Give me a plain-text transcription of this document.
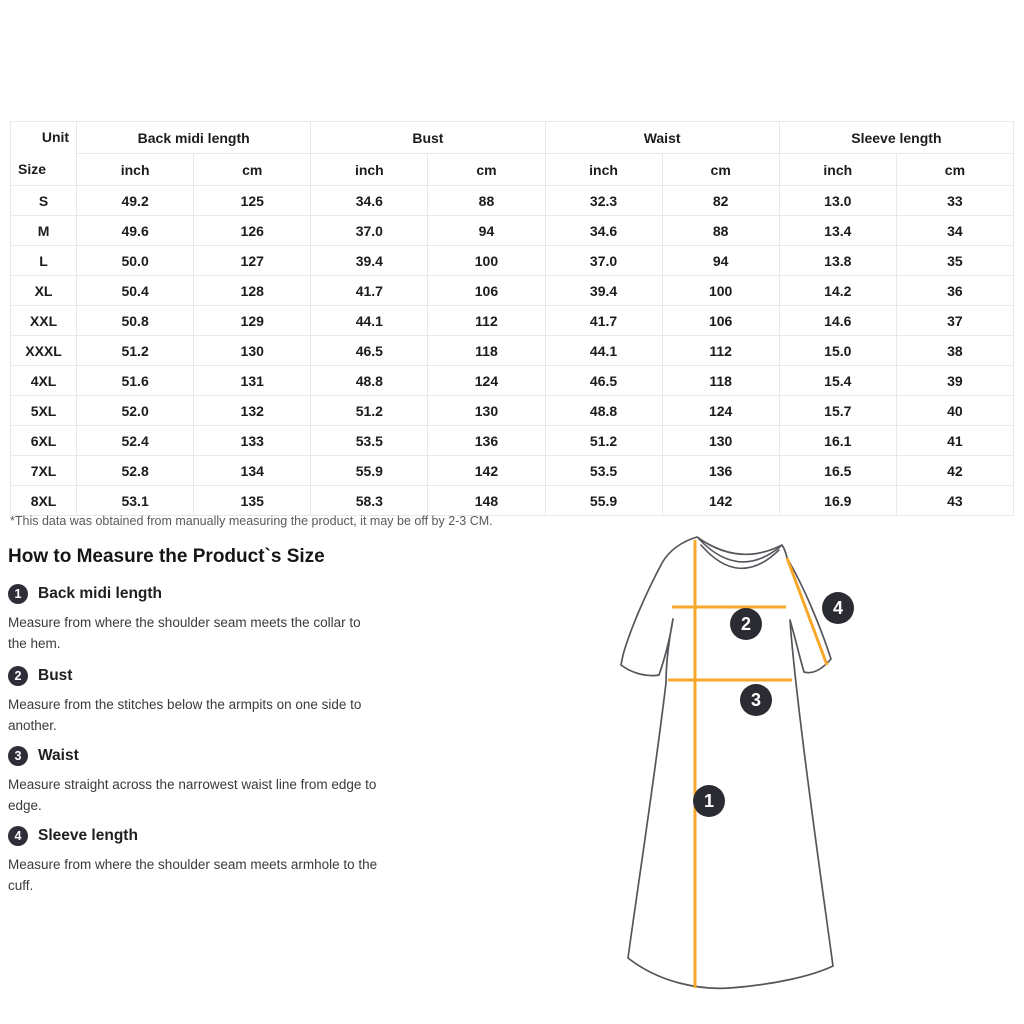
Unit
Size	Back midi length		Bust		Waist		Sleeve length	
	inch	cm	inch	cm	inch	cm	inch	cm
S	49.2	125	34.6	88	32.3	82	13.0	33
M	49.6	126	37.0	94	34.6	88	13.4	34
L	50.0	127	39.4	100	37.0	94	13.8	35
XL	50.4	128	41.7	106	39.4	100	14.2	36
XXL	50.8	129	44.1	112	41.7	106	14.6	37
XXXL	51.2	130	46.5	118	44.1	112	15.0	38
4XL	51.6	131	48.8	124	46.5	118	15.4	39
5XL	52.0	132	51.2	130	48.8	124	15.7	40
6XL	52.4	133	53.5	136	51.2	130	16.1	41
7XL	52.8	134	55.9	142	53.5	136	16.5	42
8XL	53.1	135	58.3	148	55.9	142	16.9	43
*This data was obtained from manually measuring the product, it may be off by 2-3 CM.
How to Measure the Product`s Size
1	Back midi length

Measure from where the shoulder seam meets the collar to the hem.

2	Bust

Measure from the stitches below the armpits on one side to another.

3	Waist

Measure straight across the narrowest waist line from edge to edge.

4	Sleeve length

Measure from where the shoulder seam meets armhole to the cuff.

2
4
3
1
